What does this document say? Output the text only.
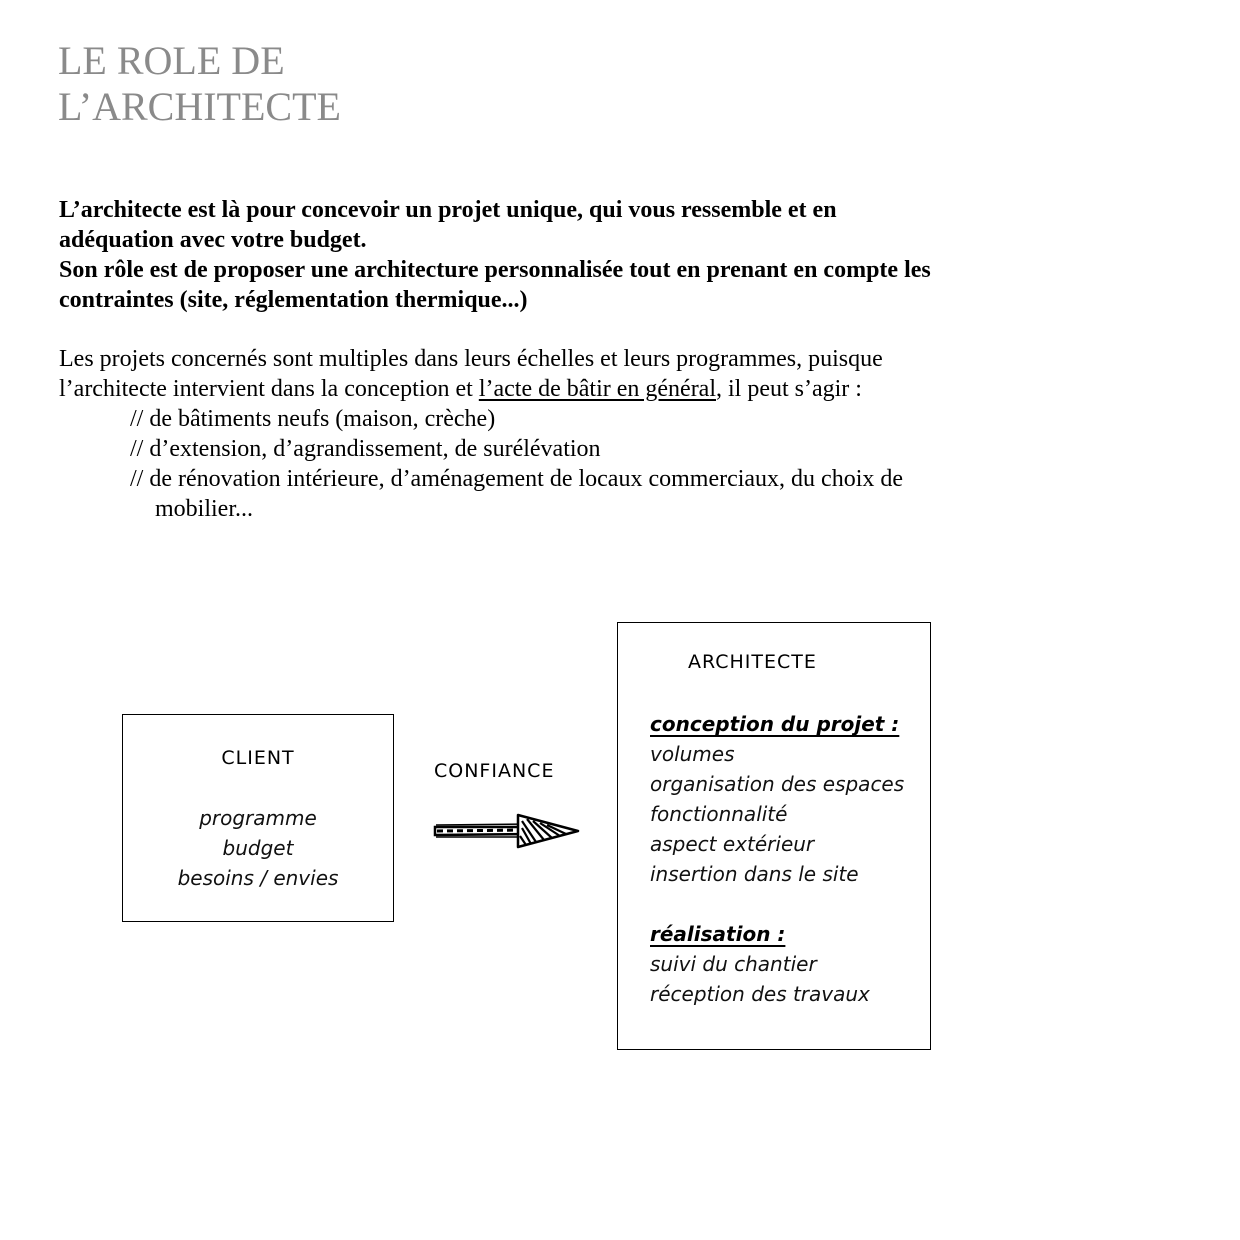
LE ROLE DE
L’ARCHITECTE

L’architecte est là pour concevoir un projet unique, qui vous ressemble et en
adéquation avec votre budget.
Son rôle est de proposer une architecture personnalisée tout en prenant en compte les
contraintes (site, réglementation thermique...)

Les projets concernés sont multiples dans leurs échelles et leurs programmes, puisque
l’architecte intervient dans la conception et l’acte de bâtir en général, il peut s’agir :
// de bâtiments neufs (maison, crèche)
// d’extension, d’agrandissement, de surélévation
// de rénovation intérieure, d’aménagement de locaux commerciaux, du choix de
mobilier...
CLIENT
programme
budget
besoins / envies
CONFIANCE
ARCHITECTE
conception du projet :
volumes
organisation des espaces
fonctionnalité
aspect extérieur
insertion dans le site
réalisation :
suivi du chantier
réception des travaux
